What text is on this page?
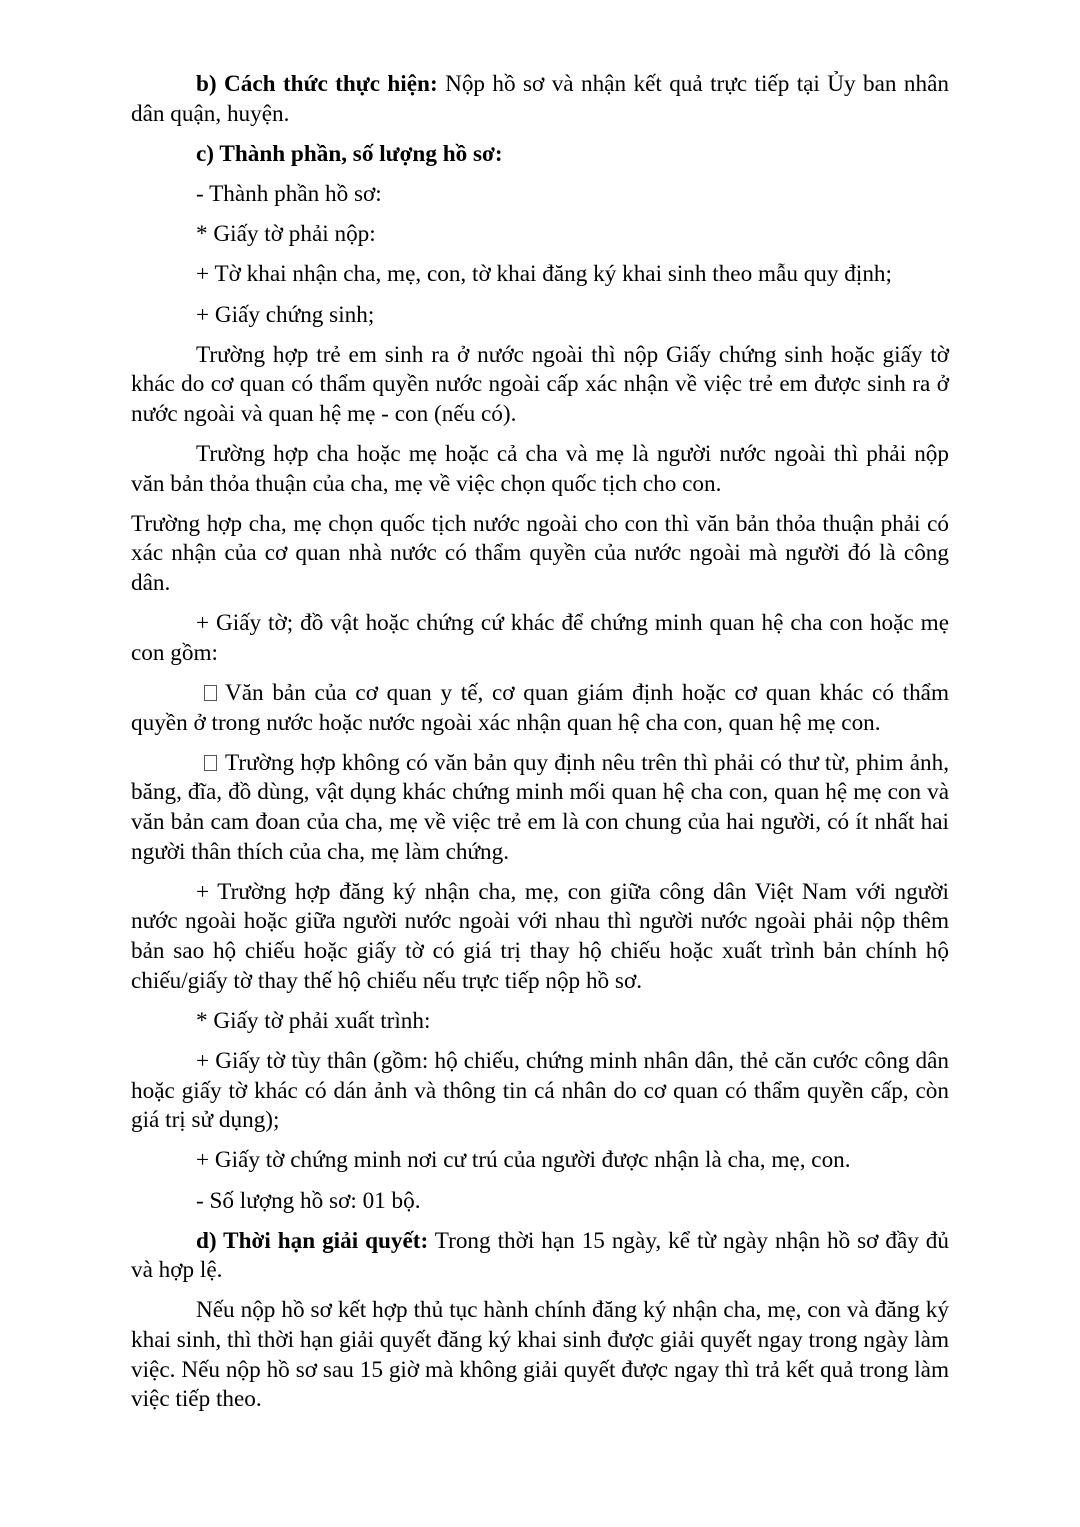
b) Cách thức thực hiện: Nộp hồ sơ và nhận kết quả trực tiếp tại Ủy ban nhân dân quận, huyện.

c) Thành phần, số lượng hồ sơ:

- Thành phần hồ sơ:

* Giấy tờ phải nộp:

+ Tờ khai nhận cha, mẹ, con, tờ khai đăng ký khai sinh theo mẫu quy định;

+ Giấy chứng sinh;

Trường hợp trẻ em sinh ra ở nước ngoài thì nộp Giấy chứng sinh hoặc giấy tờ khác do cơ quan có thẩm quyền nước ngoài cấp xác nhận về việc trẻ em được sinh ra ở nước ngoài và quan hệ mẹ - con (nếu có).

Trường hợp cha hoặc mẹ hoặc cả cha và mẹ là người nước ngoài thì phải nộp văn bản thỏa thuận của cha, mẹ về việc chọn quốc tịch cho con.

Trường hợp cha, mẹ chọn quốc tịch nước ngoài cho con thì văn bản thỏa thuận phải có xác nhận của cơ quan nhà nước có thẩm quyền của nước ngoài mà người đó là công dân.

+ Giấy tờ; đồ vật hoặc chứng cứ khác để chứng minh quan hệ cha con hoặc mẹ con gồm:

Văn bản của cơ quan y tế, cơ quan giám định hoặc cơ quan khác có thẩm quyền ở trong nước hoặc nước ngoài xác nhận quan hệ cha con, quan hệ mẹ con.

Trường hợp không có văn bản quy định nêu trên thì phải có thư từ, phim ảnh, băng, đĩa, đồ dùng, vật dụng khác chứng minh mối quan hệ cha con, quan hệ mẹ con và văn bản cam đoan của cha, mẹ về việc trẻ em là con chung của hai người, có ít nhất hai người thân thích của cha, mẹ làm chứng.

+ Trường hợp đăng ký nhận cha, mẹ, con giữa công dân Việt Nam với người nước ngoài hoặc giữa người nước ngoài với nhau thì người nước ngoài phải nộp thêm bản sao hộ chiếu hoặc giấy tờ có giá trị thay hộ chiếu hoặc xuất trình bản chính hộ chiếu/giấy tờ thay thế hộ chiếu nếu trực tiếp nộp hồ sơ.

* Giấy tờ phải xuất trình:

+ Giấy tờ tùy thân (gồm: hộ chiếu, chứng minh nhân dân, thẻ căn cước công dân hoặc giấy tờ khác có dán ảnh và thông tin cá nhân do cơ quan có thẩm quyền cấp, còn giá trị sử dụng);

+ Giấy tờ chứng minh nơi cư trú của người được nhận là cha, mẹ, con.

- Số lượng hồ sơ: 01 bộ.

d) Thời hạn giải quyết: Trong thời hạn 15 ngày, kể từ ngày nhận hồ sơ đầy đủ và hợp lệ.

Nếu nộp hồ sơ kết hợp thủ tục hành chính đăng ký nhận cha, mẹ, con và đăng ký khai sinh, thì thời hạn giải quyết đăng ký khai sinh được giải quyết ngay trong ngày làm việc. Nếu nộp hồ sơ sau 15 giờ mà không giải quyết được ngay thì trả kết quả trong làm việc tiếp theo.
